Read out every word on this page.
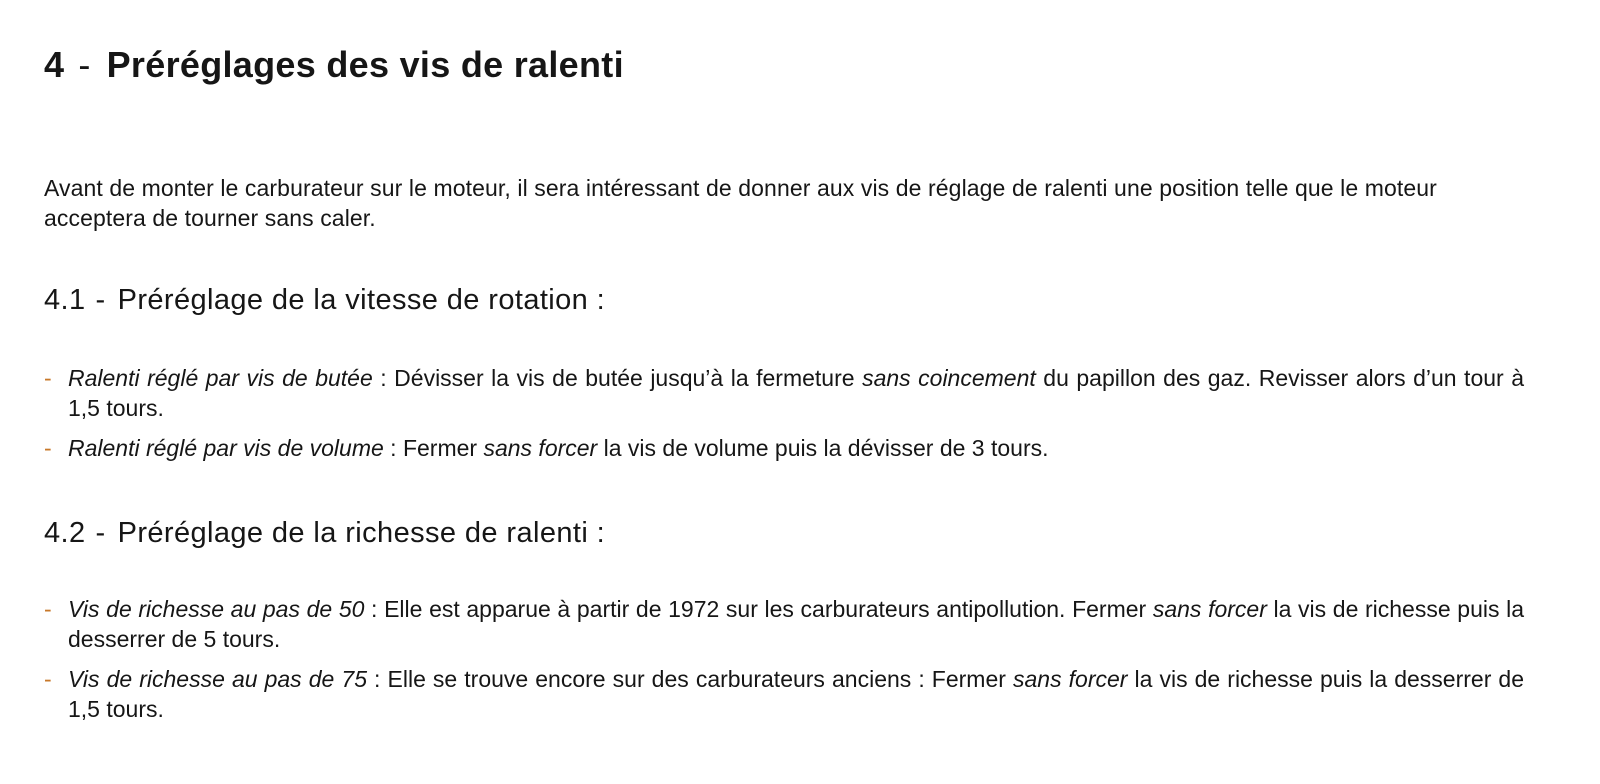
4 - Préréglages des vis de ralenti

Avant de monter le carburateur sur le moteur, il sera intéressant de donner aux vis de réglage de ralenti une position telle que le moteur acceptera de tourner sans caler.

4.1 - Préréglage de la vitesse de rotation :
- Ralenti réglé par vis de butée : Dévisser la vis de butée jusqu’à la fermeture sans coincement du papillon des gaz. Revisser alors d’un tour à 1,5 tours.
- Ralenti réglé par vis de volume : Fermer sans forcer la vis de volume puis la dévisser de 3 tours.
4.2 - Préréglage de la richesse de ralenti :
- Vis de richesse au pas de 50 : Elle est apparue à partir de 1972 sur les carburateurs antipollution. Fermer sans forcer la vis de richesse puis la desserrer de 5 tours.
- Vis de richesse au pas de 75 : Elle se trouve encore sur des carburateurs anciens : Fermer sans forcer la vis de richesse puis la desserrer de 1,5 tours.
